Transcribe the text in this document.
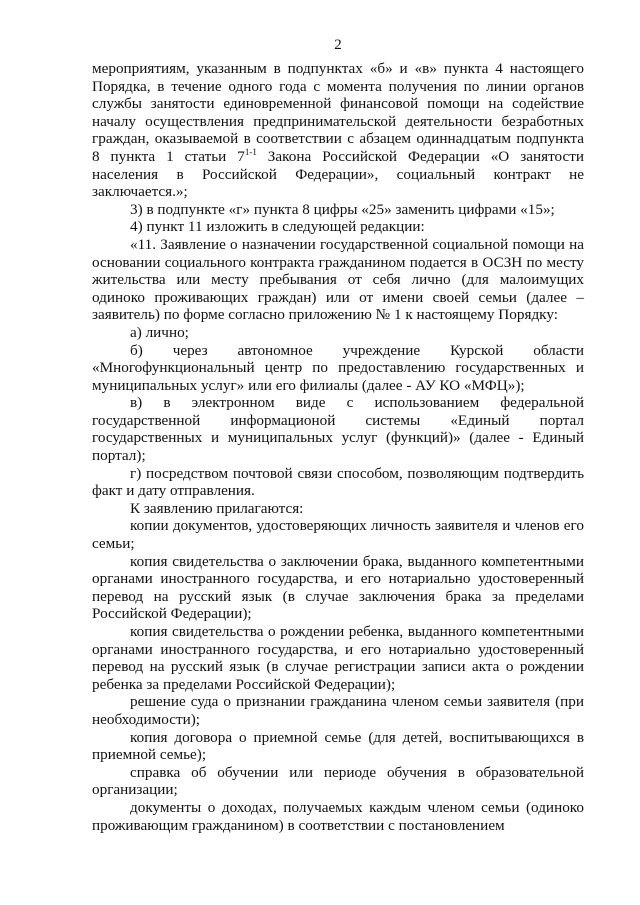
2

мероприятиям, указанным в подпунктах «б» и «в» пункта 4 настоящего Порядка, в течение одного года с момента получения по линии органов службы занятости единовременной финансовой помощи на содействие началу осуществления предпринимательской деятельности безработных граждан, оказываемой в соответствии с абзацем одиннадцатым подпункта 8 пункта 1 статьи 7$^{1-1}$ Закона Российской Федерации «О занятости населения в Российской Федерации», социальный контракт не заключается.»;

3) в подпункте «г» пункта 8 цифры «25» заменить цифрами «15»;

4) пункт 11 изложить в следующей редакции:

«11. Заявление о назначении государственной социальной помощи на основании социального контракта гражданином подается в ОСЗН по месту жительства или месту пребывания от себя лично (для малоимущих одиноко проживающих граждан) или от имени своей семьи (далее – заявитель) по форме согласно приложению № 1 к настоящему Порядку:

а) лично;

б) через автономное учреждение Курской области «Многофункциональный центр по предоставлению государственных и муниципальных услуг» или его филиалы (далее - АУ КО «МФЦ»);

в) в электронном виде с использованием федеральной государственной информационой системы «Единый портал государственных и муниципальных услуг (функций)» (далее - Единый портал);

г) посредством почтовой связи способом, позволяющим подтвердить факт и дату отправления.

К заявлению прилагаются:

копии документов, удостоверяющих личность заявителя и членов его семьи;

копия свидетельства о заключении брака, выданного компетентными органами иностранного государства, и его нотариально удостоверенный перевод на русский язык (в случае заключения брака за пределами Российской Федерации);

копия свидетельства о рождении ребенка, выданного компетентными органами иностранного государства, и его нотариально удостоверенный перевод на русский язык (в случае регистрации записи акта о рождении ребенка за пределами Российской Федерации);

решение суда о признании гражданина членом семьи заявителя (при необходимости);

копия договора о приемной семье (для детей, воспитывающихся в приемной семье);

справка об обучении или периоде обучения в образовательной организации;

документы о доходах, получаемых каждым членом семьи (одиноко проживающим гражданином) в соответствии с постановлением
